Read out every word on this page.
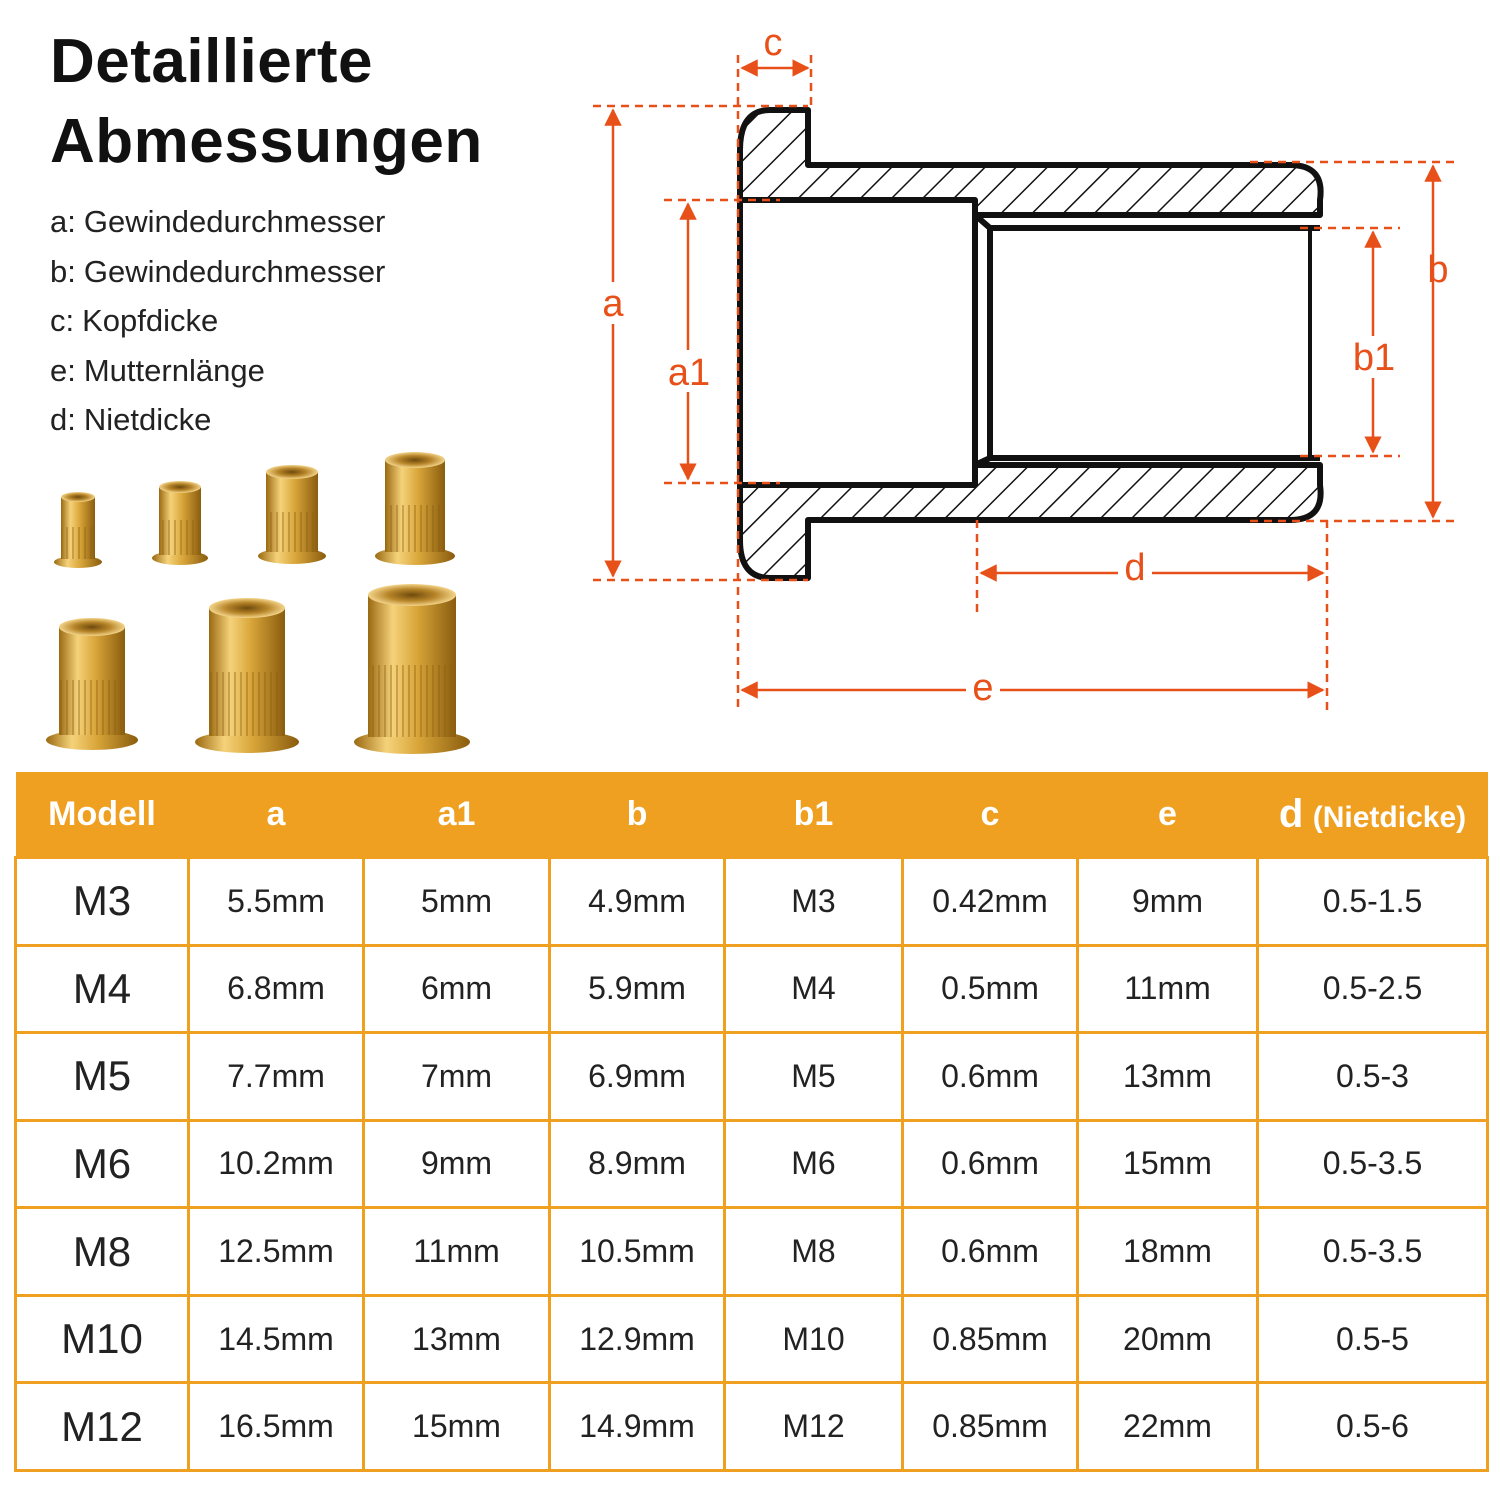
Detaillierte
Abmessungen
a: Gewindedurchmesser
b: Gewindedurchmesser
c: Kopfdicke
e: Mutternlänge
d: Nietdicke
c
a
a1
b
b1
d
e
Modell	a	a1	b	b1	c	e	d (Nietdicke)
M3	5.5mm	5mm	4.9mm	M3	0.42mm	9mm	0.5-1.5
M4	6.8mm	6mm	5.9mm	M4	0.5mm	11mm	0.5-2.5
M5	7.7mm	7mm	6.9mm	M5	0.6mm	13mm	0.5-3
M6	10.2mm	9mm	8.9mm	M6	0.6mm	15mm	0.5-3.5
M8	12.5mm	11mm	10.5mm	M8	0.6mm	18mm	0.5-3.5
M10	14.5mm	13mm	12.9mm	M10	0.85mm	20mm	0.5-5
M12	16.5mm	15mm	14.9mm	M12	0.85mm	22mm	0.5-6
